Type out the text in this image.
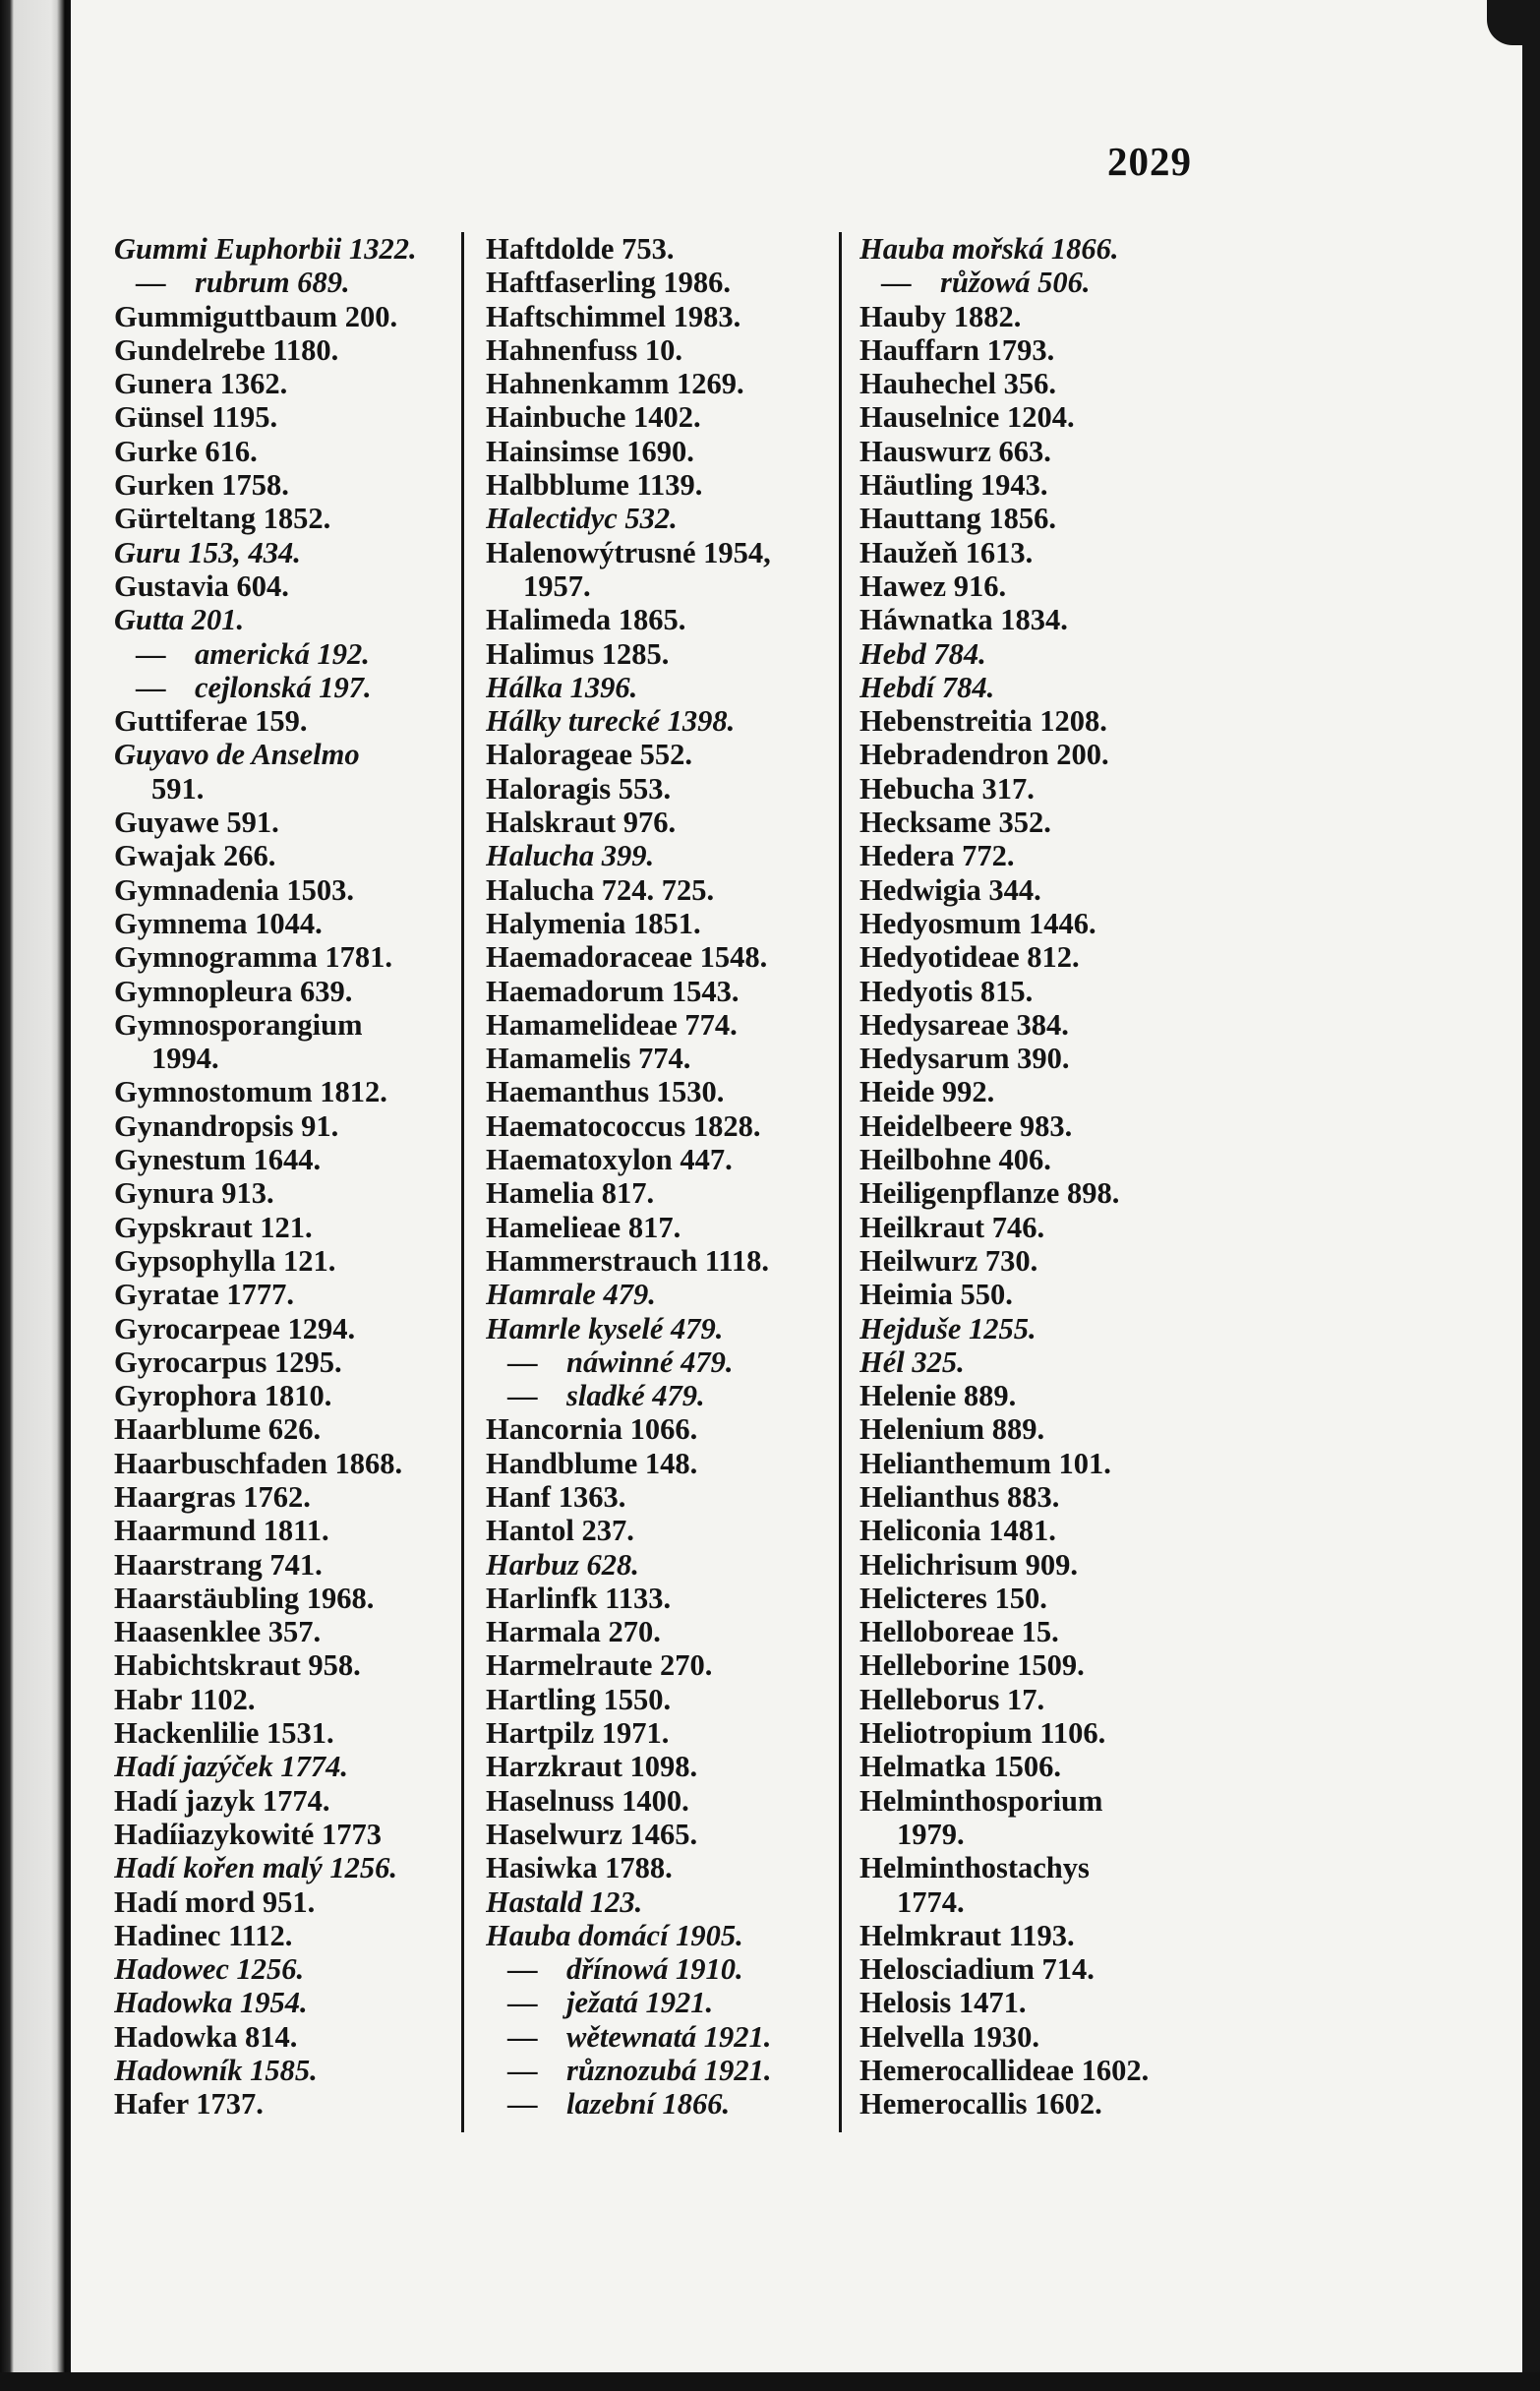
2029
Gummi Euphorbii 1322.
— rubrum 689.
Gummiguttbaum 200.
Gundelrebe 1180.
Gunera 1362.
Günsel 1195.
Gurke 616.
Gurken 1758.
Gürteltang 1852.
Guru 153, 434.
Gustavia 604.
Gutta 201.
— americká 192.
— cejlonská 197.
Guttiferae 159.
Guyavo de Anselmo
591.
Guyawe 591.
Gwajak 266.
Gymnadenia 1503.
Gymnema 1044.
Gymnogramma 1781.
Gymnopleura 639.
Gymnosporangium
1994.
Gymnostomum 1812.
Gynandropsis 91.
Gynestum 1644.
Gynura 913.
Gypskraut 121.
Gypsophylla 121.
Gyratae 1777.
Gyrocarpeae 1294.
Gyrocarpus 1295.
Gyrophora 1810.
Haarblume 626.
Haarbuschfaden 1868.
Haargras 1762.
Haarmund 1811.
Haarstrang 741.
Haarstäubling 1968.
Haasenklee 357.
Habichtskraut 958.
Habr 1102.
Hackenlilie 1531.
Hadí jazýček 1774.
Hadí jazyk 1774.
Hadíiazykowité 1773
Hadí kořen malý 1256.
Hadí mord 951.
Hadinec 1112.
Hadowec 1256.
Hadowka 1954.
Hadowka 814.
Hadowník 1585.
Hafer 1737.
Haftdolde 753.
Haftfaserling 1986.
Haftschimmel 1983.
Hahnenfuss 10.
Hahnenkamm 1269.
Hainbuche 1402.
Hainsimse 1690.
Halbblume 1139.
Halectidyc 532.
Halenowýtrusné 1954,
1957.
Halimeda 1865.
Halimus 1285.
Hálka 1396.
Hálky turecké 1398.
Halorageae 552.
Haloragis 553.
Halskraut 976.
Halucha 399.
Halucha 724. 725.
Halymenia 1851.
Haemadoraceae 1548.
Haemadorum 1543.
Hamamelideae 774.
Hamamelis 774.
Haemanthus 1530.
Haematococcus 1828.
Haematoxylon 447.
Hamelia 817.
Hamelieae 817.
Hammerstrauch 1118.
Hamrale 479.
Hamrle kyselé 479.
— náwinné 479.
— sladké 479.
Hancornia 1066.
Handblume 148.
Hanf 1363.
Hantol 237.
Harbuz 628.
Harlinfk 1133.
Harmala 270.
Harmelraute 270.
Hartling 1550.
Hartpilz 1971.
Harzkraut 1098.
Haselnuss 1400.
Haselwurz 1465.
Hasiwka 1788.
Hastald 123.
Hauba domácí 1905.
— dřínowá 1910.
— ježatá 1921.
— wětewnatá 1921.
— různozubá 1921.
— lazební 1866.
Hauba mořská 1866.
— růžowá 506.
Hauby 1882.
Hauffarn 1793.
Hauhechel 356.
Hauselnice 1204.
Hauswurz 663.
Häutling 1943.
Hauttang 1856.
Haužeň 1613.
Hawez 916.
Háwnatka 1834.
Hebd 784.
Hebdí 784.
Hebenstreitia 1208.
Hebradendron 200.
Hebucha 317.
Hecksame 352.
Hedera 772.
Hedwigia 344.
Hedyosmum 1446.
Hedyotideae 812.
Hedyotis 815.
Hedysareae 384.
Hedysarum 390.
Heide 992.
Heidelbeere 983.
Heilbohne 406.
Heiligenpflanze 898.
Heilkraut 746.
Heilwurz 730.
Heimia 550.
Hejduše 1255.
Hél 325.
Helenie 889.
Helenium 889.
Helianthemum 101.
Helianthus 883.
Heliconia 1481.
Helichrisum 909.
Helicteres 150.
Helloboreae 15.
Helleborine 1509.
Helleborus 17.
Heliotropium 1106.
Helmatka 1506.
Helminthosporium
1979.
Helminthostachys
1774.
Helmkraut 1193.
Helosciadium 714.
Helosis 1471.
Helvella 1930.
Hemerocallideae 1602.
Hemerocallis 1602.
